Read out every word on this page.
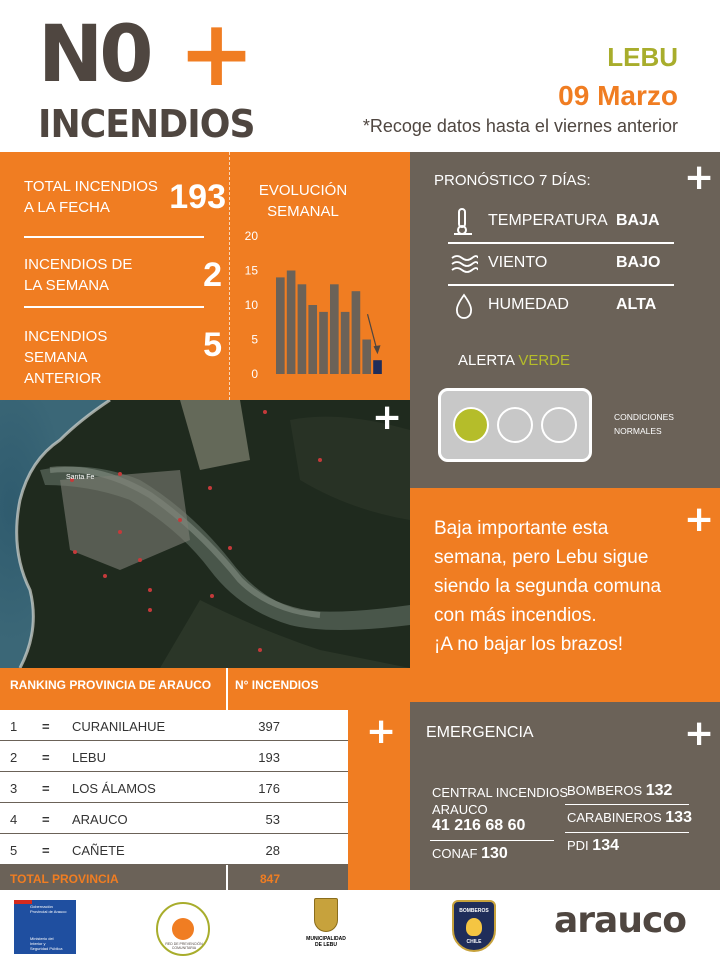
N0 +
INCENDIOS
LEBU
09 Marzo
*Recoge datos hasta el viernes anterior
TOTAL INCENDIOS
A LA FECHA	193
INCENDIOS DE
LA SEMANA	2
INCENDIOS
SEMANA
ANTERIOR
5
EVOLUCIÓN
SEMANAL
20
15
10
5
0
PRONÓSTICO 7 DÍAS:	+
TEMPERATURA BAJA
VIENTO	BAJO
HUMEDAD	ALTA
ALERTA VERDE
CONDICIONES
NORMALES
Santa Fe
+
+
Baja importante esta
semana, pero Lebu sigue
siendo la segunda comuna
con más incendios.
¡A no bajar los brazos!
+
RANKING PROVINCIA DE ARAUCO N° INCENDIOS
1 = CURANILAHUE	397
2 = LEBU	193
3 = LOS ÁLAMOS	176
4 = ARAUCO	53
5 = CAÑETE	28
TOTAL PROVINCIA	847
EMERGENCIA	+
CENTRAL INCENDIOS
ARAUCO
41 216 68 60
CONAF 130
BOMBEROS 132
CARABINEROS 133
PDI 134
Gobernación
Provincial de Arauco
Ministerio del
Interior y
Seguridad Pública
RED DE PREVENCIÓN COMUNITARIA
MUNICIPALIDAD
DE LEBU
BOMBEROS
CHILE
arauco
